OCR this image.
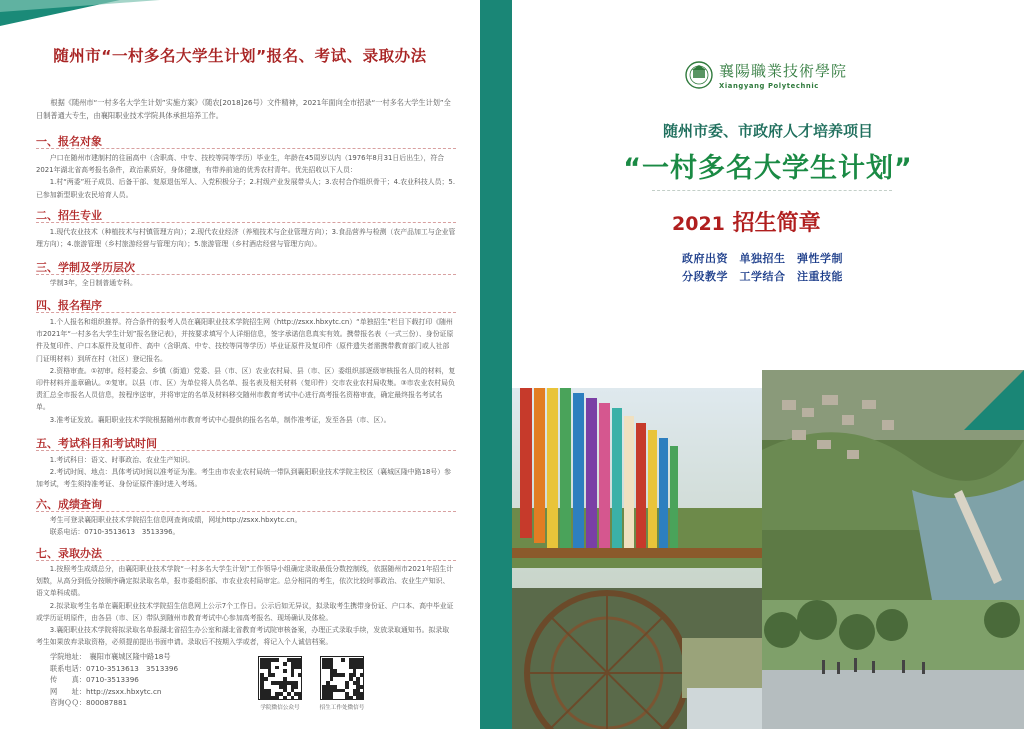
随州市“一村多名大学生计划”报名、考试、录取办法
根据《随州市“一村多名大学生计划”实施方案》（随农[2018]26号）文件精神，2021年面向全市招录“一村多名大学生计划”全日制普通大专生，由襄阳职业技术学院具体承担培养工作。
一、报名对象

户口在随州市建制村的往届高中（含职高、中专、技校等同等学历）毕业生，年龄在45周岁以内（1976年8月31日后出生），符合2021年湖北省高考报名条件，政治素质好，身体健康，有带养前途的优秀农村青年。优先招收以下人员：

1.村“两委”班子成员、后备干部、复原退伍军人、入党积极分子；2.村级产业发展带头人；3.农村合作组织骨干；4.农业科技人员；5.已参加新型职业农民培育人员。

二、招生专业

1.现代农业技术（种植技术与村镇管理方向）；2.现代农业经济（养殖技术与企业管理方向）；3.食品营养与检测（农产品加工与企业管理方向）；4.旅游管理（乡村旅游经营与管理方向）；5.旅游管理（乡村酒店经营与管理方向）。

三、学制及学历层次

学制3年，全日制普通专科。

四、报名程序

1.个人报名和组织推荐。符合条件的报考人员在襄阳职业技术学院招生网（http://zsxx.hbxytc.cn）“单独招生”栏目下载打印《随州市2021年“一村多名大学生计划”报名登记表》，并按要求填写个人详细信息，签字承诺信息真实有效。携带报名表（一式三份）、身份证原件及复印件、户口本原件及复印件、高中（含职高、中专、技校等同等学历）毕业证原件及复印件（原件遗失者需携带教育部门或人社部门证明材料）到所在村（社区）登记报名。

2.资格审查。①初审。经村委会、乡镇（街道）党委、县（市、区）农业农村局、县（市、区）委组织部逐级审核报名人员的材料，复印件材料并盖章确认。②复审。以县（市、区）为单位将人员名单、报名表及相关材料（复印件）交市农业农村局收集。③市农业农村局负责汇总全市报名人员信息，按程序送审，并将审定的名单及材料移交随州市教育考试中心进行高考报名资格审查，确定最终报名考试名单。

3.准考证发放。襄阳职业技术学院根据随州市教育考试中心提供的报名名单，制作准考证，发至各县（市、区）。

五、考试科目和考试时间

1.考试科目：语文、时事政治、农业生产知识。

2.考试时间、地点：具体考试时间以准考证为准。考生由市农业农村局统一带队到襄阳职业技术学院主校区（襄城区隆中路18号）参加考试，考生须持准考证、身份证原件准时进入考场。

六、成绩查询

考生可登录襄阳职业技术学院招生信息网查询成绩，网址http://zsxx.hbxytc.cn。

联系电话：0710-3513613　3513396。

七、录取办法

1.按照考生成绩总分，由襄阳职业技术学院“一村多名大学生计划”工作领导小组确定录取最低分数控制线，依据随州市2021年招生计划数，从高分到低分按顺序确定拟录取名单，报市委组织部、市农业农村局审定。总分相同的考生，依次比较时事政治、农业生产知识、语文单科成绩。

2.拟录取考生名单在襄阳职业技术学院招生信息网上公示7个工作日。公示后如无异议，拟录取考生携带身份证、户口本、高中毕业证或学历证明原件，由各县（市、区）带队到随州市教育考试中心参加高考报名、现场确认及体检。

3.襄阳职业技术学院将拟录取名单报湖北省招生办公室和湖北省教育考试院审核备案，办理正式录取手续，发放录取通知书。拟录取考生如果放弃录取资格，必须提前提出书面申请。录取后不按期入学或者，将记入个人诚信档案。

学院地址：　襄阳市襄城区隆中路18号
联系电话：0710-3513613　3513396
传　　真：0710-3513396
网　　址：http://zsxx.hbxytc.cn
咨询ＱＱ：800087881
学院微信公众号	招生工作处微信号
襄陽職業技術學院
Xiangyang Polytechnic
随州市委、市政府人才培养项目
“一村多名大学生计划”
2021 招生简章
政府出资　单独招生　弹性学制
分段教学　工学结合　注重技能
